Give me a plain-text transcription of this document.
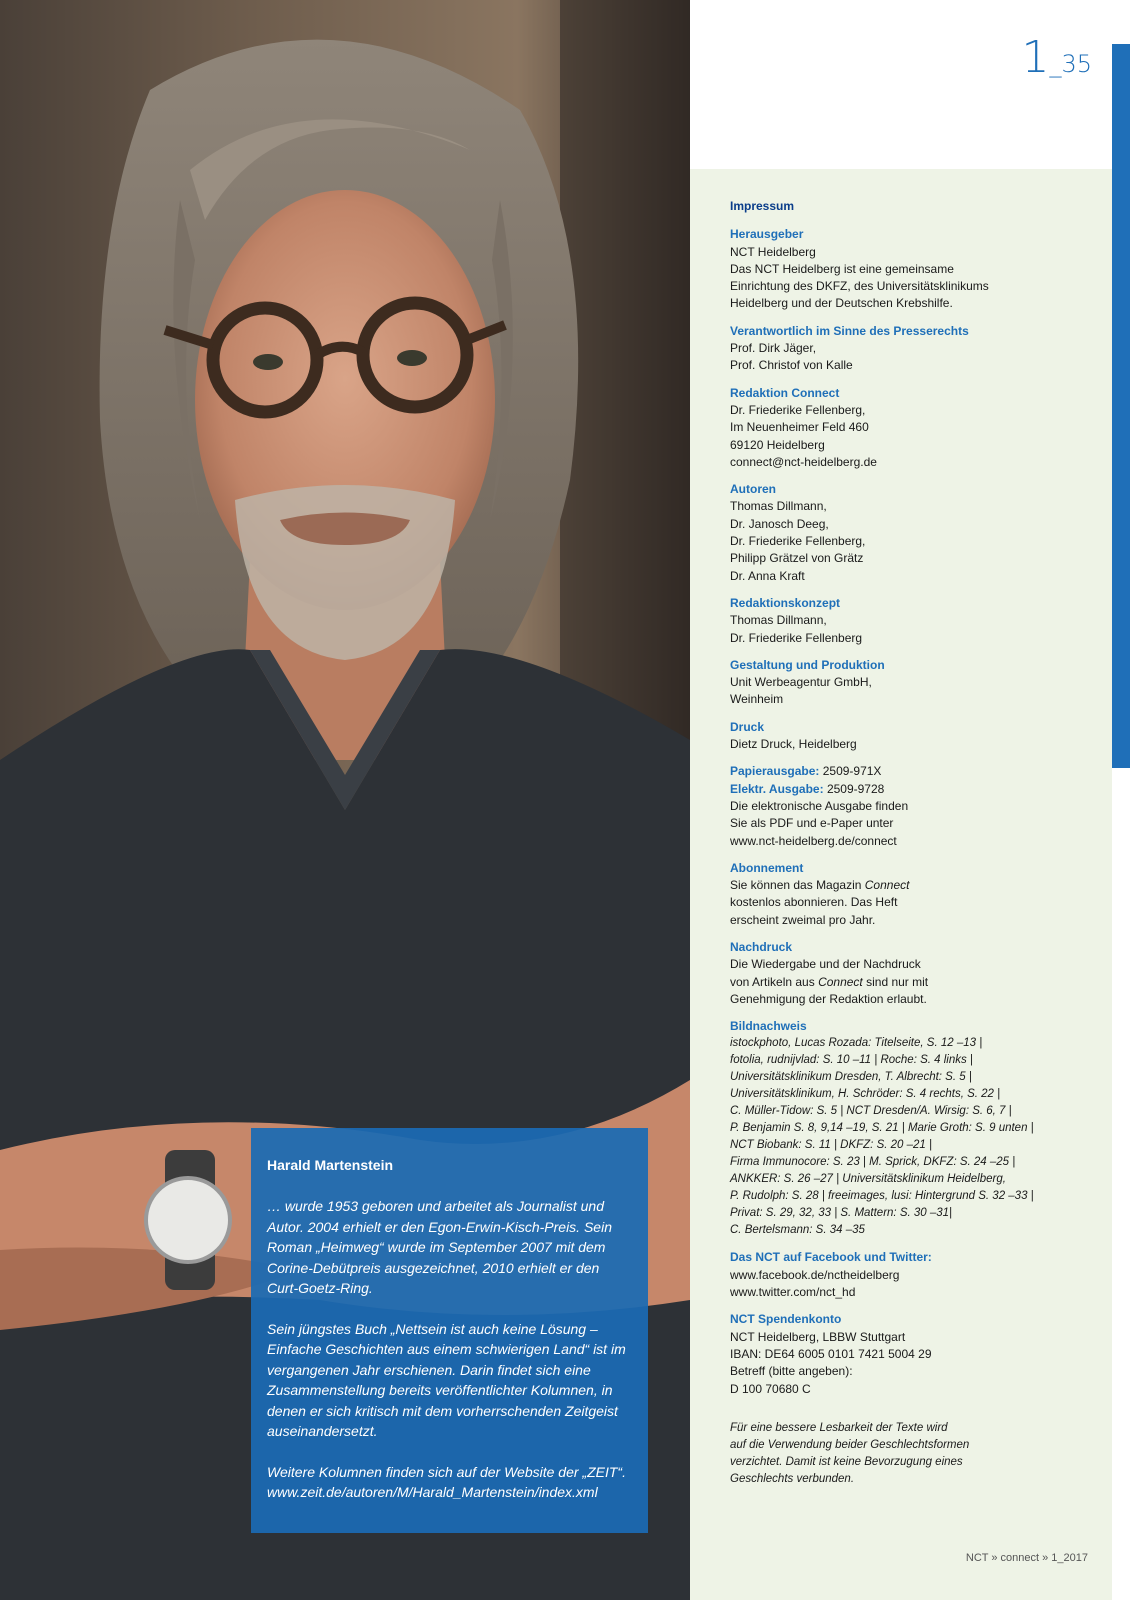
Harald Martenstein

… wurde 1953 geboren und arbeitet als Journalist und Autor. 2004 erhielt er den Egon-Erwin-Kisch-Preis. Sein Roman „Heimweg“ wurde im September 2007 mit dem Corine-Debütpreis ausgezeichnet, 2010 erhielt er den Curt-Goetz-Ring.

Sein jüngstes Buch „Nettsein ist auch keine Lösung – Einfache Geschichten aus einem schwierigen Land“ ist im vergangenen Jahr erschienen. Darin findet sich eine Zusammenstellung bereits veröffentlichter Kolumnen, in denen er sich kritisch mit dem vorherrschenden Zeitgeist auseinandersetzt.

Weitere Kolumnen finden sich auf der Website der „ZEIT“. www.zeit.de/autoren/M/Harald_Martenstein/index.xml

1_35
Impressum
Herausgeber
NCT Heidelberg
Das NCT Heidelberg ist eine gemeinsame
Einrichtung des DKFZ, des Universitätsklinikums
Heidelberg und der Deutschen Krebshilfe.
Verantwortlich im Sinne des Presserechts
Prof. Dirk Jäger,
Prof. Christof von Kalle
Redaktion Connect
Dr. Friederike Fellenberg,
Im Neuenheimer Feld 460
69120 Heidelberg
connect@nct-heidelberg.de
Autoren
Thomas Dillmann,
Dr. Janosch Deeg,
Dr. Friederike Fellenberg,
Philipp Grätzel von Grätz
Dr. Anna Kraft
Redaktionskonzept
Thomas Dillmann,
Dr. Friederike Fellenberg
Gestaltung und Produktion
Unit Werbeagentur GmbH,
Weinheim
Druck
Dietz Druck, Heidelberg
Papierausgabe: 2509-971X
Elektr. Ausgabe: 2509-9728
Die elektronische Ausgabe finden
Sie als PDF und e-Paper unter
www.nct-heidelberg.de/connect
Abonnement
Sie können das Magazin Connect
kostenlos abonnieren. Das Heft
erscheint zweimal pro Jahr.
Nachdruck
Die Wiedergabe und der Nachdruck
von Artikeln aus Connect sind nur mit
Genehmigung der Redaktion erlaubt.
Bildnachweis
istockphoto, Lucas Rozada: Titelseite, S. 12 –13 |
fotolia, rudnijvlad: S. 10 –11 | Roche: S. 4 links |
Universitätsklinikum Dresden, T. Albrecht: S. 5 |
Universitätsklinikum, H. Schröder: S. 4 rechts, S. 22 |
C. Müller-Tidow: S. 5 | NCT Dresden/A. Wirsig: S. 6, 7 |
P. Benjamin S. 8, 9,14 –19, S. 21 | Marie Groth: S. 9 unten |
NCT Biobank: S. 11 | DKFZ: S. 20 –21 |
Firma Immunocore: S. 23 | M. Sprick, DKFZ: S. 24 –25 |
ANKKER: S. 26 –27 | Universitätsklinikum Heidelberg,
P. Rudolph: S. 28 | freeimages, lusi: Hintergrund S. 32 –33 |
Privat: S. 29, 32, 33 | S. Mattern: S. 30 –31|
C. Bertelsmann: S. 34 –35
Das NCT auf Facebook und Twitter:
www.facebook.de/nctheidelberg
www.twitter.com/nct_hd
NCT Spendenkonto
NCT Heidelberg, LBBW Stuttgart
IBAN: DE64 6005 0101 7421 5004 29
Betreff (bitte angeben):
D 100 70680 C
Für eine bessere Lesbarkeit der Texte wird
auf die Verwendung beider Geschlechtsformen
verzichtet. Damit ist keine Bevorzugung eines
Geschlechts verbunden.
NCT » connect » 1_2017
